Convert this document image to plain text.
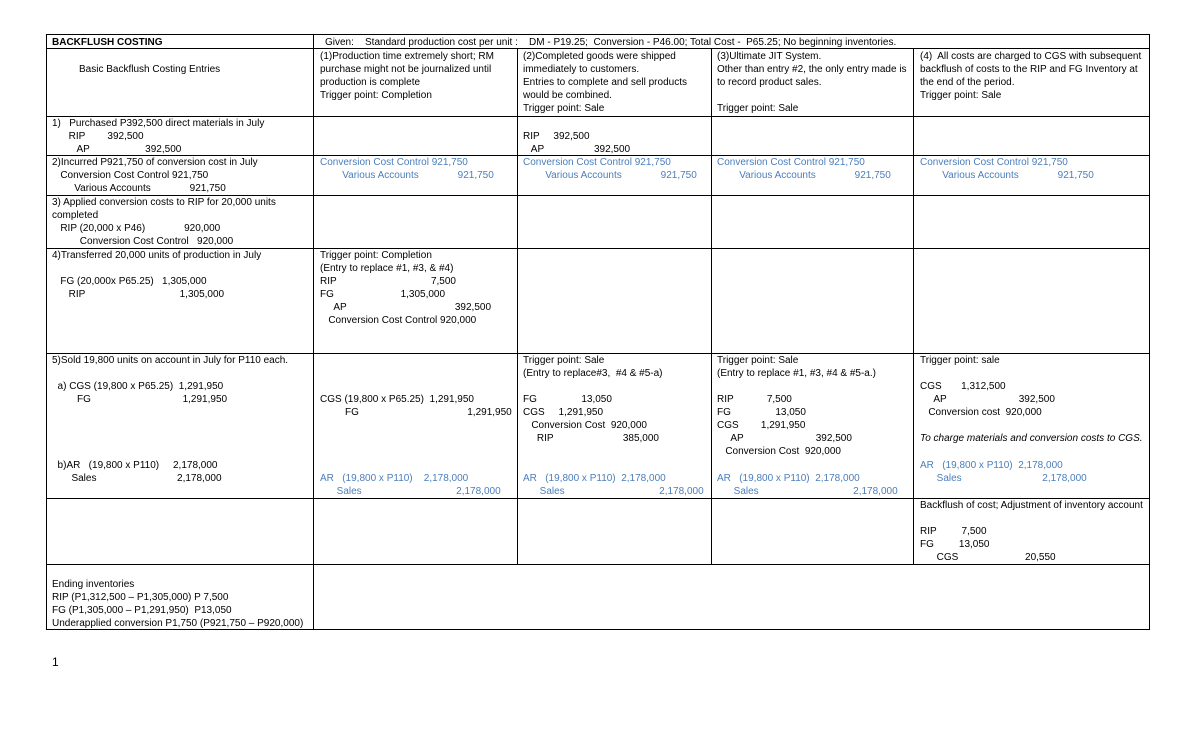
BACKFLUSH COSTING	Given:    Standard production cost per unit :    DM - P19.25;  Conversion - P46.00; Total Cost -  P65.25; No beginning inventories.
Basic Backflush Costing Entries
(1)Production time extremely short; RM
purchase might not be journalized until
production is complete
Trigger point: Completion
(2)Completed goods were shipped
immediately to customers.
Entries to complete and sell products
would be combined.
Trigger point: Sale
(3)Ultimate JIT System.
Other than entry #2, the only entry made is
to record product sales.
Trigger point: Sale
(4)  All costs are charged to CGS with subsequent
backflush of costs to the RIP and FG Inventory at
the end of the period.
Trigger point: Sale
1)   Purchased P392,500 direct materials in July
RIP        392,500
AP                    392,500
RIP     392,500
AP                  392,500
2)Incurred P921,750 of conversion cost in July
Conversion Cost Control 921,750
Various Accounts              921,750
Conversion Cost Control 921,750
Various Accounts              921,750
Conversion Cost Control 921,750
Various Accounts              921,750
Conversion Cost Control 921,750
Various Accounts              921,750
Conversion Cost Control 921,750
Various Accounts              921,750
3) Applied conversion costs to RIP for 20,000 units
completed
RIP (20,000 x P46)              920,000
Conversion Cost Control   920,000
4)Transferred 20,000 units of production in July
FG (20,000x P65.25)   1,305,000
RIP                                  1,305,000
Trigger point: Completion
(Entry to replace #1, #3, & #4)
RIP                                  7,500
FG                        1,305,000
AP                                       392,500
Conversion Cost Control 920,000
5)Sold 19,800 units on account in July for P110 each.
a) CGS (19,800 x P65.25)  1,291,950
FG                                 1,291,950
b)AR   (19,800 x P110)     2,178,000
Sales                             2,178,000
CGS (19,800 x P65.25)  1,291,950
FG                                       1,291,950
AR   (19,800 x P110)    2,178,000
Sales                                  2,178,000
Trigger point: Sale
(Entry to replace#3,  #4 & #5-a)
FG                13,050
CGS     1,291,950
Conversion Cost  920,000
RIP                         385,000
AR   (19,800 x P110)  2,178,000
Sales                                  2,178,000
Trigger point: Sale
(Entry to replace #1, #3, #4 & #5-a.)
RIP            7,500
FG                13,050
CGS        1,291,950
AP                          392,500
Conversion Cost  920,000
AR   (19,800 x P110)  2,178,000
Sales                                  2,178,000
Trigger point: sale
CGS       1,312,500
AP                          392,500
Conversion cost  920,000
To charge materials and conversion costs to CGS.
AR   (19,800 x P110)  2,178,000
Sales                             2,178,000
Backflush of cost; Adjustment of inventory account
RIP         7,500
FG         13,050
CGS                        20,550
Ending inventories
RIP (P1,312,500 – P1,305,000) P 7,500
FG (P1,305,000 – P1,291,950)  P13,050
Underapplied conversion P1,750 (P921,750 – P920,000)
1
